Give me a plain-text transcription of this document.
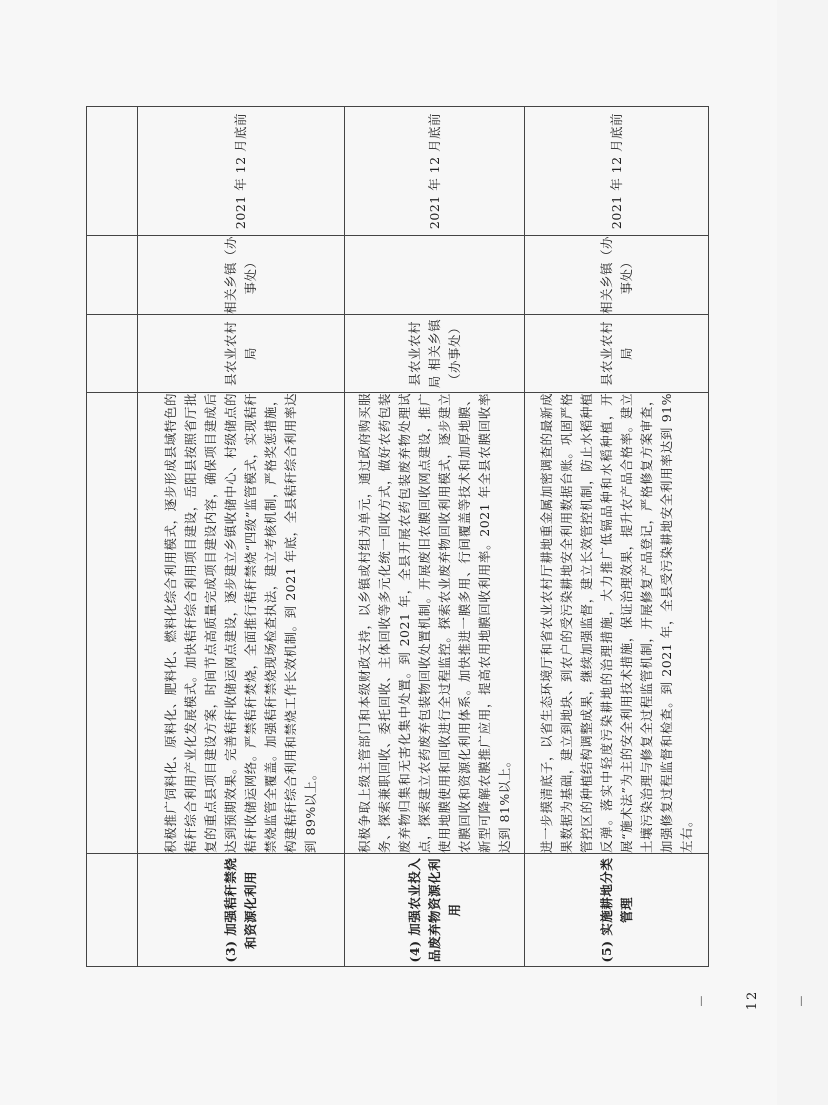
(3) 加强秸秆禁烧和资源化利用	积极推广饲料化、原料化、肥料化、燃料化综合利用模式，逐步形成县域特色的秸秆综合利用产业化发展模式。加快秸秆综合利用项目建设，岳阳县按照省厅批复的重点县项目建设方案，时间节点高质量完成项目建设内容，确保项目建成后达到预期效果。完善秸秆收储运网点建设，逐步建立乡镇收储中心、村级储点的秸秆收储运网络。严禁秸秆焚烧，全面推行秸秆禁烧“四级”监管模式，实现秸秆禁烧监管全覆盖。加强秸秆禁烧现场检查执法，建立考核机制，严格奖惩措施，构建秸秆综合利用和禁烧工作长效机制。到 2021 年底，全县秸秆综合利用率达到 89%以上。	县农业农村局	相关乡镇（办事处）	2021 年 12 月底前
(4) 加强农业投入品废弃物资源化利用	积极争取上级主管部门和本级财政支持，以乡镇或村组为单元，通过政府购买服务、探索兼职回收、委托回收、主体回收等多元化统一回收方式，做好农药包装废弃物归集和无害化集中处置。到 2021 年，全县开展农药包装废弃物处理试点，探索建立农药废弃包装物回收处置机制。开展废旧农膜回收网点建设，推广使用地膜使用和回收进行全过程监控。探索农业废弃物回收利用模式，逐步建立农膜回收和资源化利用体系。加快推进一膜多用、行间覆盖等技术和加厚地膜、新型可降解农膜推广应用，提高农用地膜回收利用率。2021 年全县农膜回收率达到 81%以上。	县农业农村局 相关乡镇（办事处）		2021 年 12 月底前
(5) 实施耕地分类管理	进一步摸清底子，以省生态环境厅和省农业农村厅耕地重金属加密调查的最新成果数据为基础，建立到地块、到农户的受污染耕地安全利用数据台账。巩固严格管控区的种植结构调整成果，继续加强监督，建立长效管控机制，防止水稻种植反弹。落实中轻度污染耕地的治理措施，大力推广低镉品种和水稻种植，开展“施术法”为主的安全利用技术措施，保证治理效果，提升农产品合格率。建立土壤污染治理与修复全过程监管机制，开展修复产品登记，严格修复方案审查，加强修复过程监督和检查。到 2021 年，全县受污染耕地安全利用率达到 91%左右。	县农业农村局	相关乡镇（办事处）	2021 年 12 月底前
－ 12 －
